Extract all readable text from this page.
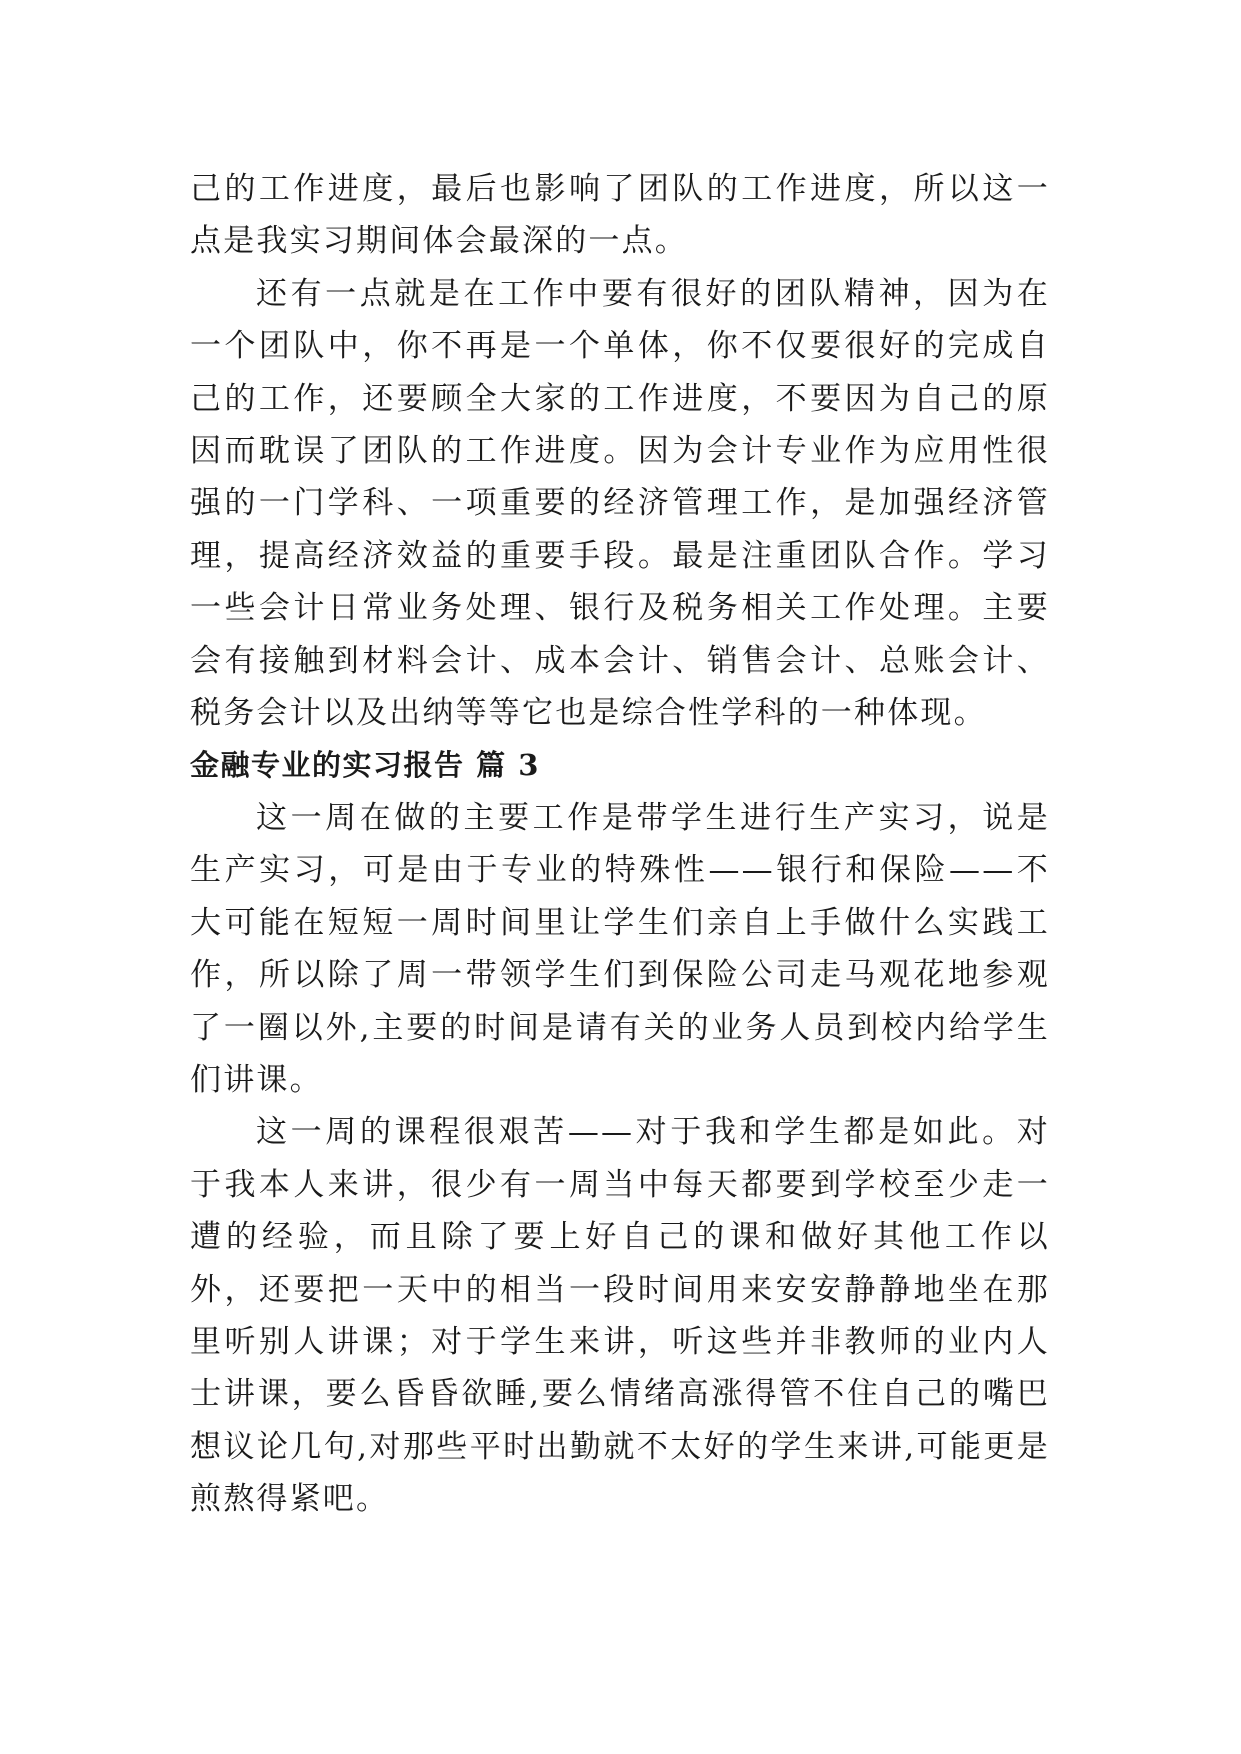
己的工作进度，最后也影响了团队的工作进度，所以这一点是我实习期间体会最深的一点。

还有一点就是在工作中要有很好的团队精神，因为在一个团队中，你不再是一个单体，你不仅要很好的完成自己的工作，还要顾全大家的工作进度，不要因为自己的原因而耽误了团队的工作进度。因为会计专业作为应用性很强的一门学科、一项重要的经济管理工作，是加强经济管理，提高经济效益的重要手段。最是注重团队合作。学习一些会计日常业务处理、银行及税务相关工作处理。主要会有接触到材料会计、成本会计、销售会计、总账会计、税务会计以及出纳等等它也是综合性学科的一种体现。

金融专业的实习报告 篇 3

这一周在做的主要工作是带学生进行生产实习，说是生产实习，可是由于专业的特殊性——银行和保险——不大可能在短短一周时间里让学生们亲自上手做什么实践工作，所以除了周一带领学生们到保险公司走马观花地参观了一圈以外,主要的时间是请有关的业务人员到校内给学生们讲课。

这一周的课程很艰苦——对于我和学生都是如此。对于我本人来讲，很少有一周当中每天都要到学校至少走一遭的经验，而且除了要上好自己的课和做好其他工作以外，还要把一天中的相当一段时间用来安安静静地坐在那里听别人讲课；对于学生来讲，听这些并非教师的业内人士讲课，要么昏昏欲睡,要么情绪高涨得管不住自己的嘴巴想议论几句,对那些平时出勤就不太好的学生来讲,可能更是煎熬得紧吧。
